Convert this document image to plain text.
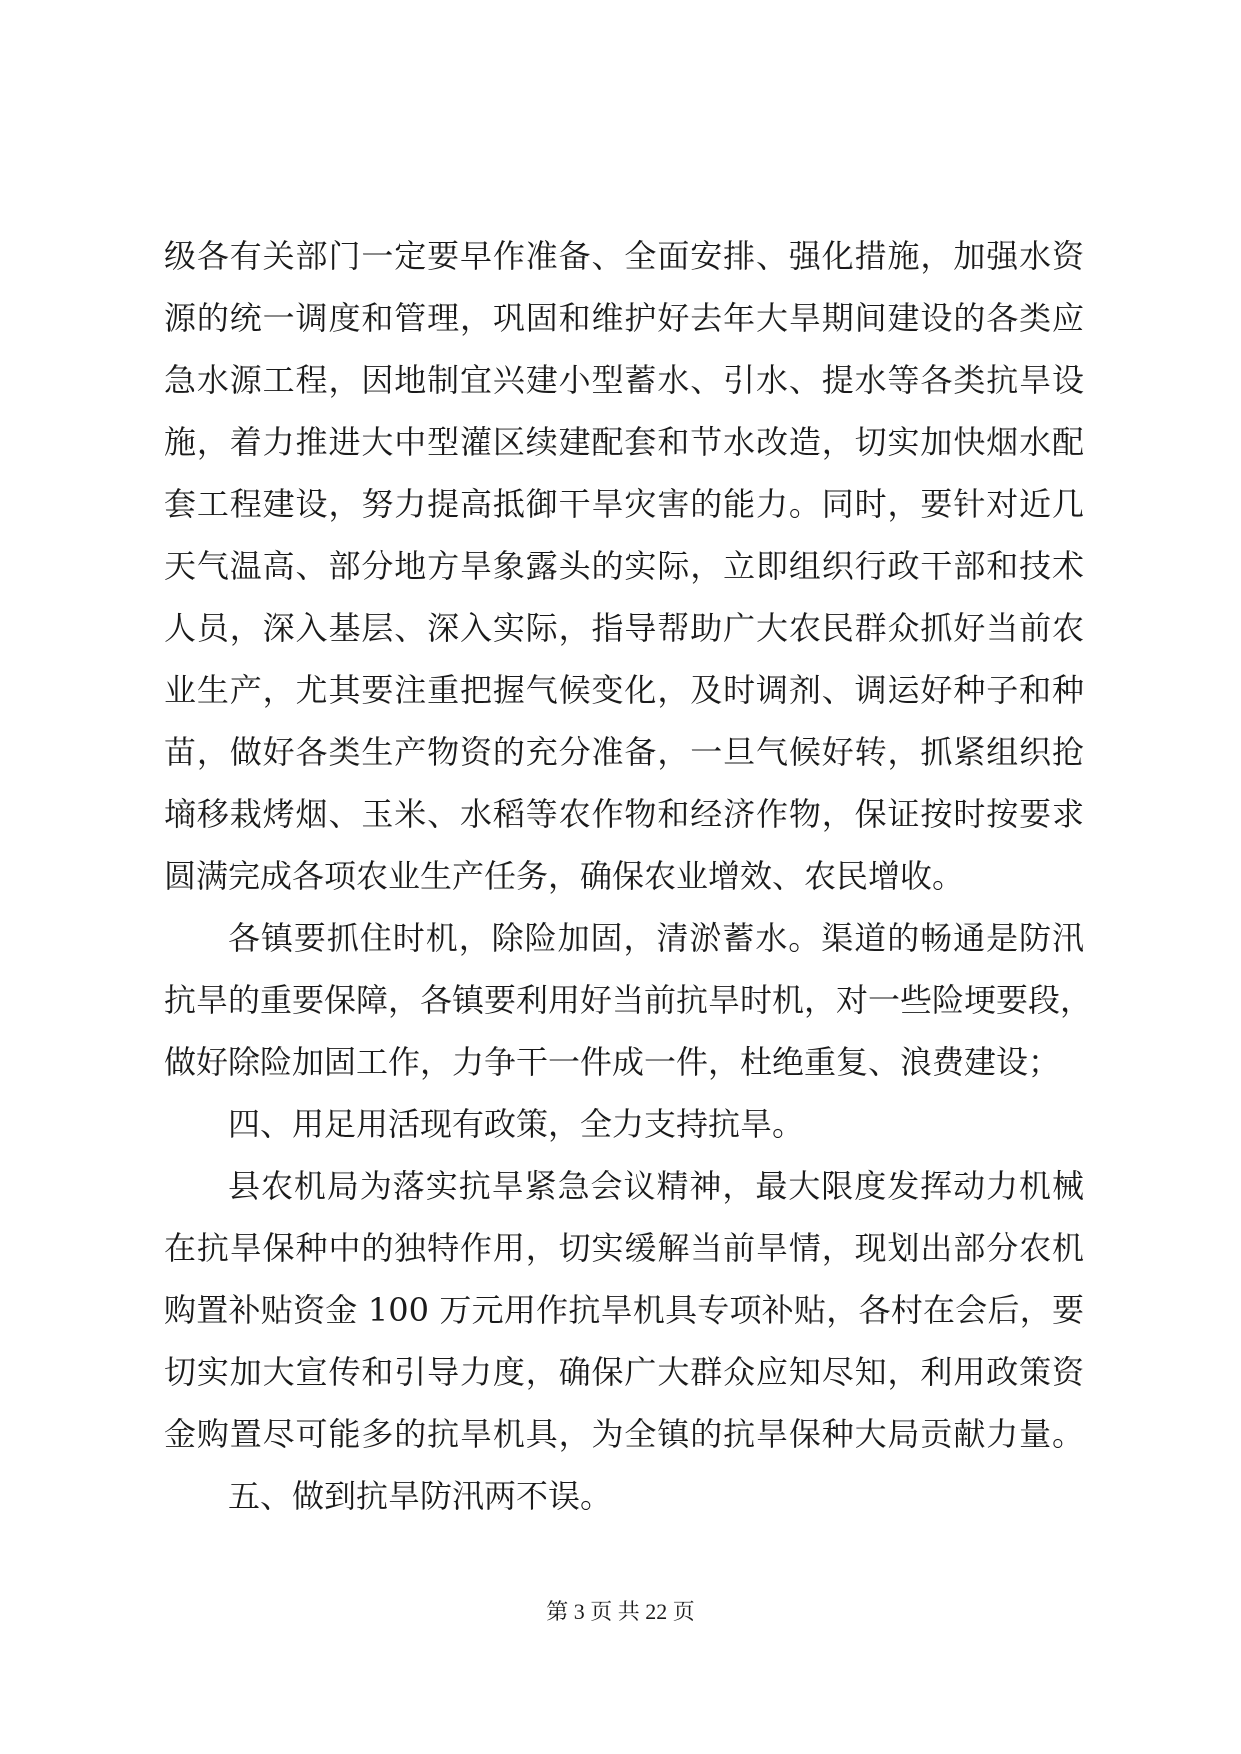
级各有关部门一定要早作准备、全面安排、强化措施，加强水资
源的统一调度和管理，巩固和维护好去年大旱期间建设的各类应
急水源工程，因地制宜兴建小型蓄水、引水、提水等各类抗旱设
施，着力推进大中型灌区续建配套和节水改造，切实加快烟水配
套工程建设，努力提高抵御干旱灾害的能力。同时，要针对近几
天气温高、部分地方旱象露头的实际，立即组织行政干部和技术
人员，深入基层、深入实际，指导帮助广大农民群众抓好当前农
业生产，尤其要注重把握气候变化，及时调剂、调运好种子和种
苗，做好各类生产物资的充分准备，一旦气候好转，抓紧组织抢
墒移栽烤烟、玉米、水稻等农作物和经济作物，保证按时按要求
圆满完成各项农业生产任务，确保农业增效、农民增收。
各镇要抓住时机，除险加固，清淤蓄水。渠道的畅通是防汛
抗旱的重要保障，各镇要利用好当前抗旱时机，对一些险埂要段，
做好除险加固工作，力争干一件成一件，杜绝重复、浪费建设；
四、用足用活现有政策，全力支持抗旱。
县农机局为落实抗旱紧急会议精神，最大限度发挥动力机械
在抗旱保种中的独特作用，切实缓解当前旱情，现划出部分农机
购置补贴资金 100 万元用作抗旱机具专项补贴，各村在会后，要
切实加大宣传和引导力度，确保广大群众应知尽知，利用政策资
金购置尽可能多的抗旱机具，为全镇的抗旱保种大局贡献力量。
五、做到抗旱防汛两不误。
第 3 页 共 22 页
